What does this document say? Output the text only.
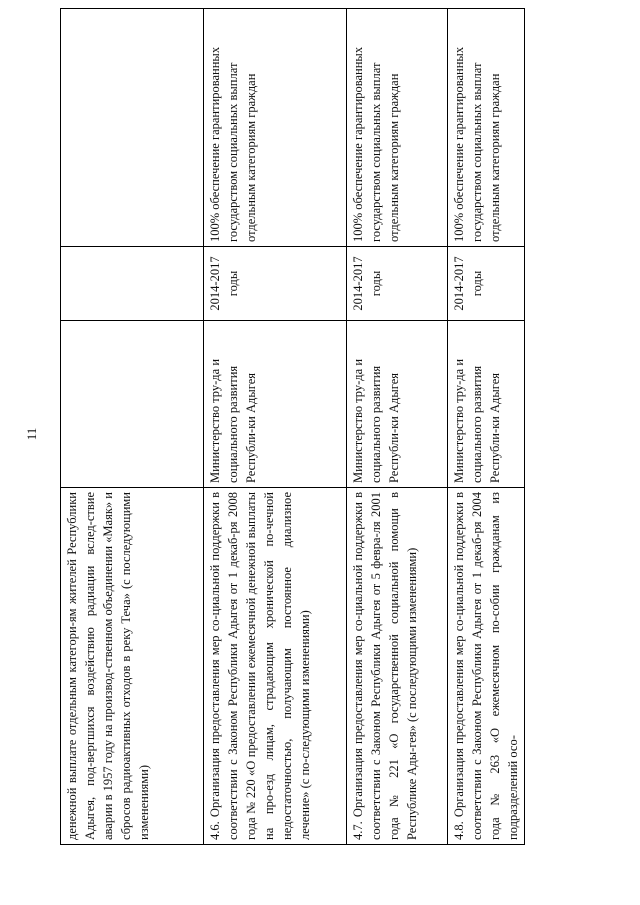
11
денежной выплате отдельным категори-ям жителей Республики Адыгея, под-вергшихся воздействию радиации вслед-ствие аварии в 1957 году на производ-ственном объединении «Маяк» и сбросов радиоактивных отходов в реку Теча» (с последующими изменениями)			
4.6. Организация предоставления мер со-циальной поддержки в соответствии с Законом Республики Адыгея от 1 декаб-ря 2008 года № 220 «О предоставлении ежемесячной денежной выплаты на про-езд лицам, страдающим хронической по-чечной недостаточностью, получающим постоянное диализное лечение» (с по-следующими изменениями)	Министерство тру-да и социального развития Республи-ки Адыгея	2014-2017 годы	100% обеспечение гарантированных государством социальных выплат отдельным категориям граждан
4.7. Организация предоставления мер со-циальной поддержки в соответствии с Законом Республики Адыгея от 5 февра-ля 2001 года № 221 «О государственной социальной помощи в Республике Ады-гея» (с последующими изменениями)	Министерство тру-да и социального развития Республи-ки Адыгея	2014-2017 годы	100% обеспечение гарантированных государством социальных выплат отдельным категориям граждан
4.8. Организация предоставления мер со-циальной поддержки в соответствии с Законом Республики Адыгея от 1 декаб-ря 2004 года № 263 «О ежемесячном по-собии гражданам из подразделений осо-	Министерство тру-да и социального развития Республи-ки Адыгея	2014-2017 годы	100% обеспечение гарантированных государством социальных выплат отдельным категориям граждан
